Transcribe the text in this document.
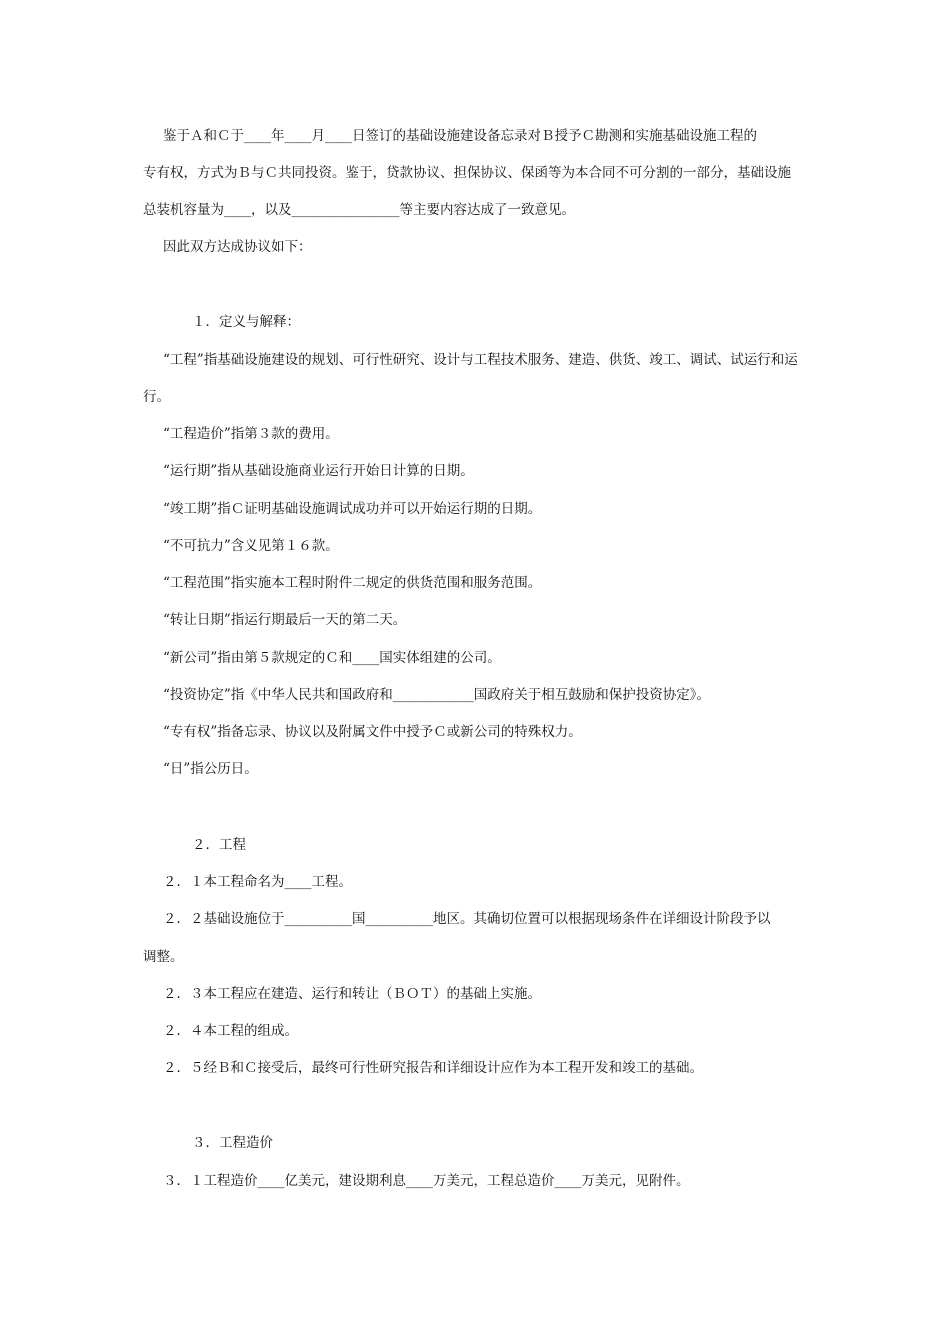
鉴于Ａ和Ｃ于____年____月____日签订的基础设施建设备忘录对Ｂ授予Ｃ勘测和实施基础设施工程的
专有权，方式为Ｂ与Ｃ共同投资。鉴于，贷款协议、担保协议、保函等为本合同不可分割的一部分，基础设施
总装机容量为____，以及________________等主要内容达成了一致意见。
因此双方达成协议如下：
１．定义与解释：
“工程”指基础设施建设的规划、可行性研究、设计与工程技术服务、建造、供货、竣工、调试、试运行和运
行。
“工程造价”指第３款的费用。
“运行期”指从基础设施商业运行开始日计算的日期。
“竣工期”指Ｃ证明基础设施调试成功并可以开始运行期的日期。
“不可抗力”含义见第１６款。
“工程范围”指实施本工程时附件二规定的供货范围和服务范围。
“转让日期”指运行期最后一天的第二天。
“新公司”指由第５款规定的Ｃ和____国实体组建的公司。
“投资协定”指《中华人民共和国政府和____________国政府关于相互鼓励和保护投资协定》。
“专有权”指备忘录、协议以及附属文件中授予Ｃ或新公司的特殊权力。
“日”指公历日。
２．工程
２．１本工程命名为____工程。
２．２基础设施位于__________国__________地区。其确切位置可以根据现场条件在详细设计阶段予以
调整。
２．３本工程应在建造、运行和转让（ＢＯＴ）的基础上实施。
２．４本工程的组成。
２．５经Ｂ和Ｃ接受后，最终可行性研究报告和详细设计应作为本工程开发和竣工的基础。
３．工程造价
３．１工程造价____亿美元，建设期利息____万美元，工程总造价____万美元，见附件。
